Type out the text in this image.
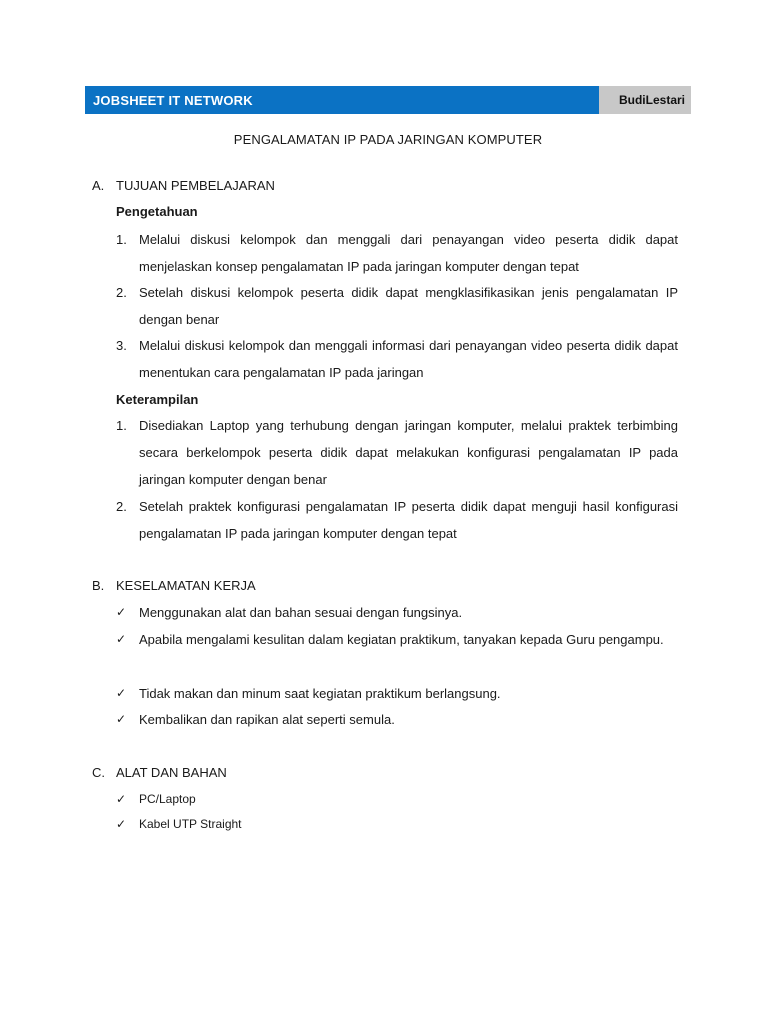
JOBSHEET IT NETWORK	BudiLestari
PENGALAMATAN IP PADA JARINGAN KOMPUTER
A. TUJUAN PEMBELAJARAN
Pengetahuan
1. Melalui diskusi kelompok dan menggali dari penayangan video peserta didik dapat menjelaskan konsep pengalamatan IP pada jaringan komputer dengan tepat
2. Setelah diskusi kelompok peserta didik dapat mengklasifikasikan jenis pengalamatan IP dengan benar
3. Melalui diskusi kelompok dan menggali informasi dari penayangan video peserta didik dapat menentukan cara pengalamatan IP pada jaringan
Keterampilan
1. Disediakan Laptop yang terhubung dengan jaringan komputer, melalui praktek terbimbing secara berkelompok peserta didik dapat melakukan konfigurasi pengalamatan IP pada jaringan komputer dengan benar
2. Setelah praktek konfigurasi pengalamatan IP peserta didik dapat menguji hasil konfigurasi pengalamatan IP pada jaringan komputer dengan tepat
B. KESELAMATAN KERJA
✓ Menggunakan alat dan bahan sesuai dengan fungsinya.
✓ Apabila mengalami kesulitan dalam kegiatan praktikum, tanyakan kepada Guru pengampu.
✓ Tidak makan dan minum saat kegiatan praktikum berlangsung.
✓ Kembalikan dan rapikan alat seperti semula.
C. ALAT DAN BAHAN
✓	PC/Laptop
✓	Kabel UTP Straight
